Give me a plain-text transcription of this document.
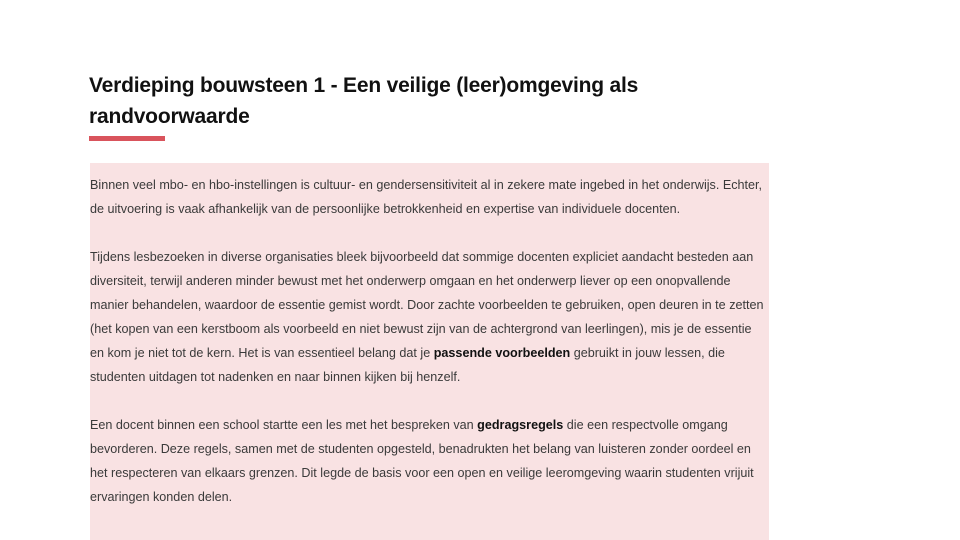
Verdieping bouwsteen 1 - Een veilige (leer)omgeving als randvoorwaarde

Binnen veel mbo- en hbo-instellingen is cultuur- en gendersensitiviteit al in zekere mate ingebed in het onderwijs. Echter, de uitvoering is vaak afhankelijk van de persoonlijke betrokkenheid en expertise van individuele docenten.

Tijdens lesbezoeken in diverse organisaties bleek bijvoorbeeld dat sommige docenten expliciet aandacht besteden aan diversiteit, terwijl anderen minder bewust met het onderwerp omgaan en het onderwerp liever op een onopvallende manier behandelen, waardoor de essentie gemist wordt. Door zachte voorbeelden te gebruiken, open deuren in te zetten (het kopen van een kerstboom als voorbeeld en niet bewust zijn van de achtergrond van leerlingen), mis je de essentie en kom je niet tot de kern. Het is van essentieel belang dat je passende voorbeelden gebruikt in jouw lessen, die studenten uitdagen tot nadenken en naar binnen kijken bij henzelf.

Een docent binnen een school startte een les met het bespreken van gedragsregels die een respectvolle omgang bevorderen. Deze regels, samen met de studenten opgesteld, benadrukten het belang van luisteren zonder oordeel en het respecteren van elkaars grenzen. Dit legde de basis voor een open en veilige leeromgeving waarin studenten vrijuit ervaringen konden delen.
